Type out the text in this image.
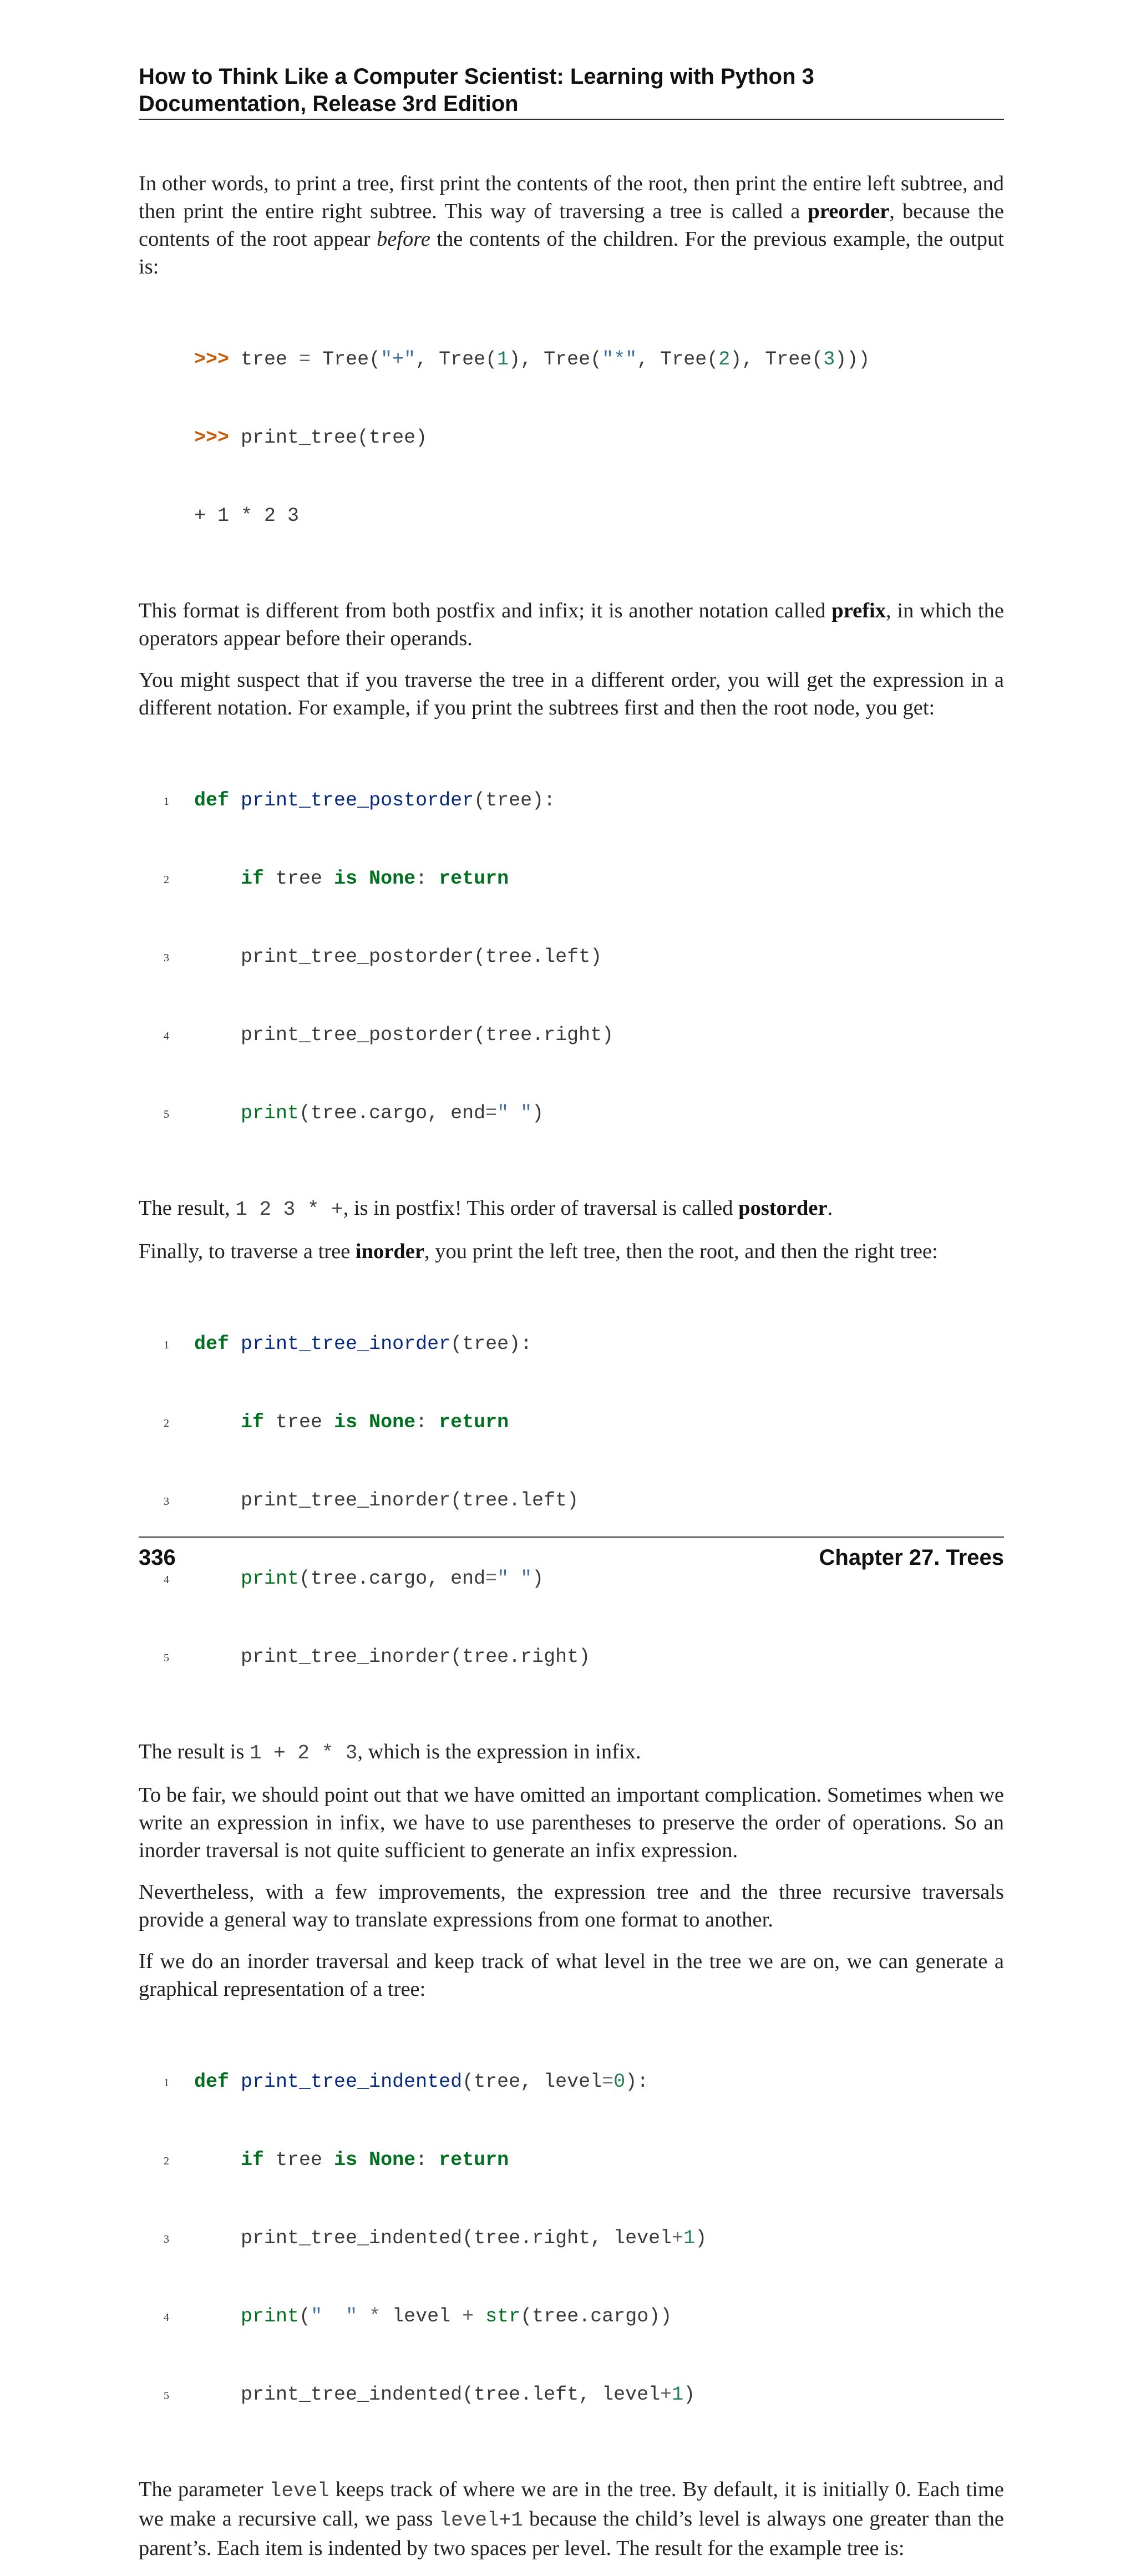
How to Think Like a Computer Scientist: Learning with Python 3

Documentation, Release 3rd Edition

In other words, to print a tree, first print the contents of the root, then print the entire left subtree, and then print the entire right subtree. This way of traversing a tree is called a preorder, because the contents of the root appear before the contents of the children. For the previous example, the output is:

>>> tree = Tree("+", Tree(1), Tree("*", Tree(2), Tree(3)))

>>> print_tree(tree)

+ 1 * 2 3

This format is different from both postfix and infix; it is another notation called prefix, in which the operators appear before their operands.

You might suspect that if you traverse the tree in a different order, you will get the expression in a different notation. For example, if you print the subtrees first and then the root node, you get:

1	def print_tree_postorder(tree):

2	if tree is None: return

3	print_tree_postorder(tree.left)

4	print_tree_postorder(tree.right)

5	print(tree.cargo, end=" ")

The result, 1 2 3 * +, is in postfix! This order of traversal is called postorder.

Finally, to traverse a tree inorder, you print the left tree, then the root, and then the right tree:

1	def print_tree_inorder(tree):

2	if tree is None: return

3	print_tree_inorder(tree.left)

4	print(tree.cargo, end=" ")

5	print_tree_inorder(tree.right)

The result is 1 + 2 * 3, which is the expression in infix.

To be fair, we should point out that we have omitted an important complication. Sometimes when we write an expression in infix, we have to use parentheses to preserve the order of operations. So an inorder traversal is not quite sufficient to generate an infix expression.

Nevertheless, with a few improvements, the expression tree and the three recursive traversals provide a general way to translate expressions from one format to another.

If we do an inorder traversal and keep track of what level in the tree we are on, we can generate a graphical representation of a tree:

1	def print_tree_indented(tree, level=0):

2	if tree is None: return

3	print_tree_indented(tree.right, level+1)

4	print("  " * level + str(tree.cargo))

5	print_tree_indented(tree.left, level+1)

The parameter level keeps track of where we are in the tree. By default, it is initially 0. Each time we make a recursive call, we pass level+1 because the child’s level is always one greater than the parent’s. Each item is indented by two spaces per level. The result for the example tree is:

336	Chapter 27. Trees
